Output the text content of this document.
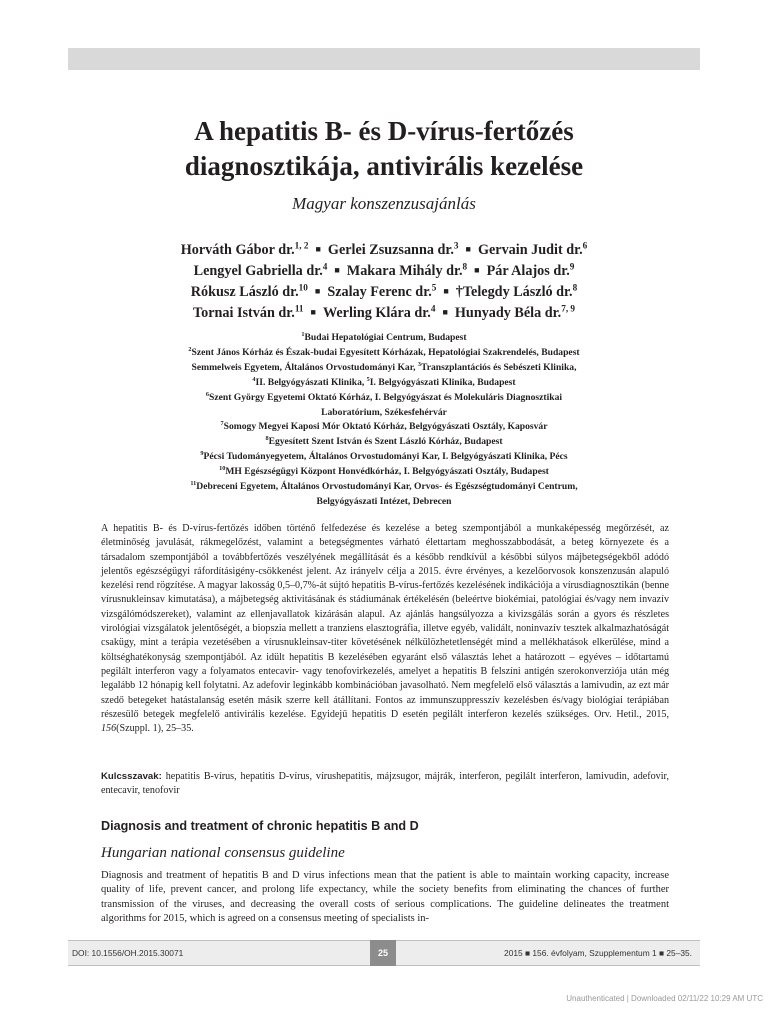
A hepatitis B- és D-vírus-fertőzés
diagnosztikája, antivirális kezelése

Magyar konszenzusajánlás

Horváth Gábor dr.$^{1, 2}$ ■ Gerlei Zsuzsanna dr.$^3$ ■ Gervain Judit dr.$^6$
Lengyel Gabriella dr.$^4$ ■ Makara Mihály dr.$^8$ ■ Pár Alajos dr.$^9$
Rókusz László dr.$^{10}$ ■ Szalay Ferenc dr.$^5$ ■ †Telegdy László dr.$^8$
Tornai István dr.$^{11}$ ■ Werling Klára dr.$^4$ ■ Hunyady Béla dr.$^{7, 9}$
$^1$Budai Hepatológiai Centrum, Budapest
$^2$Szent János Kórház és Észak-budai Egyesített Kórházak, Hepatológiai Szakrendelés, Budapest
Semmelweis Egyetem, Általános Orvostudományi Kar, $^3$Transzplantációs és Sebészeti Klinika,
$^4$II. Belgyógyászati Klinika, $^5$I. Belgyógyászati Klinika, Budapest
$^6$Szent György Egyetemi Oktató Kórház, I. Belgyógyászat és Molekuláris Diagnosztikai
Laboratórium, Székesfehérvár
$^7$Somogy Megyei Kaposi Mór Oktató Kórház, Belgyógyászati Osztály, Kaposvár
$^8$Egyesített Szent István és Szent László Kórház, Budapest
$^9$Pécsi Tudományegyetem, Általános Orvostudományi Kar, I. Belgyógyászati Klinika, Pécs
$^{10}$MH Egészségügyi Központ Honvédkórház, I. Belgyógyászati Osztály, Budapest
$^{11}$Debreceni Egyetem, Általános Orvostudományi Kar, Orvos- és Egészségtudományi Centrum,
Belgyógyászati Intézet, Debrecen

A hepatitis B- és D-vírus-fertőzés időben történő felfedezése és kezelése a beteg szempontjából a munkaképesség megőrzését, az életminőség javulását, rákmegelőzést, valamint a betegségmentes várható élettartam meghosszabbodását, a beteg környezete és a társadalom szempontjából a továbbfertőzés veszélyének megállítását és a később rendkívül a későbbi súlyos májbetegségekből adódó jelentős egészségügyi ráfordításigény-csökkenést jelent. Az irányelv célja a 2015. évre érvényes, a kezelőorvosok konszenzusán alapuló kezelési rend rögzítése. A magyar lakosság 0,5–0,7%-át sújtó hepatitis B-vírus-fertőzés kezelésének indikációja a vírusdiagnosztikán (benne vírusnukleinsav kimutatása), a májbetegség aktivitásának és stádiumának értékelésén (beleértve biokémiai, patológiai és/vagy nem invazív vizsgálómódszereket), valamint az ellenjavallatok kizárásán alapul. Az ajánlás hangsúlyozza a kivizsgálás során a gyors és részletes virológiai vizsgálatok jelentőségét, a biopszia mellett a tranziens elasztográfia, illetve egyéb, validált, noninvazív tesztek alkalmazhatóságát csakügy, mint a terápia vezetésében a vírusnukleinsav-titer követésének nélkülözhetetlenségét mind a mellékhatások elkerülése, mind a költséghatékonyság szempontjából. Az idült hepatitis B kezelésében egyaránt első választás lehet a határozott – egyéves – időtartamú pegilált interferon vagy a folyamatos entecavir- vagy tenofovirkezelés, amelyet a hepatitis B felszíni antigén szerokonverziója után még legalább 12 hónapig kell folytatni. Az adefovir leginkább kombinációban javasolható. Nem megfelelő első választás a lamivudin, az ezt már szedő betegeket hatástalanság esetén másik szerre kell átállítani. Fontos az immunszuppresszív kezelésben és/vagy biológiai terápiában részesülő betegek megfelelő antivirális kezelése. Egyidejű hepatitis D esetén pegilált interferon kezelés szükséges. Orv. Hetil., 2015, 156(Szuppl. 1), 25–35.

Kulcsszavak: hepatitis B-vírus, hepatitis D-vírus, vírushepatitis, májzsugor, májrák, interferon, pegilált interferon, lamivudin, adefovir, entecavir, tenofovir

Diagnosis and treatment of chronic hepatitis B and D

Hungarian national consensus guideline

Diagnosis and treatment of hepatitis B and D virus infections mean that the patient is able to maintain working capacity, increase quality of life, prevent cancer, and prolong life expectancy, while the society benefits from eliminating the chances of further transmission of the viruses, and decreasing the overall costs of serious complications. The guideline delineates the treatment algorithms for 2015, which is agreed on a consensus meeting of specialists in-

DOI: 10.1556/OH.2015.30071	25	2015 ■ 156. évfolyam, Szupplementum 1 ■ 25–35.
Unauthenticated | Downloaded 02/11/22 10:29 AM UTC
